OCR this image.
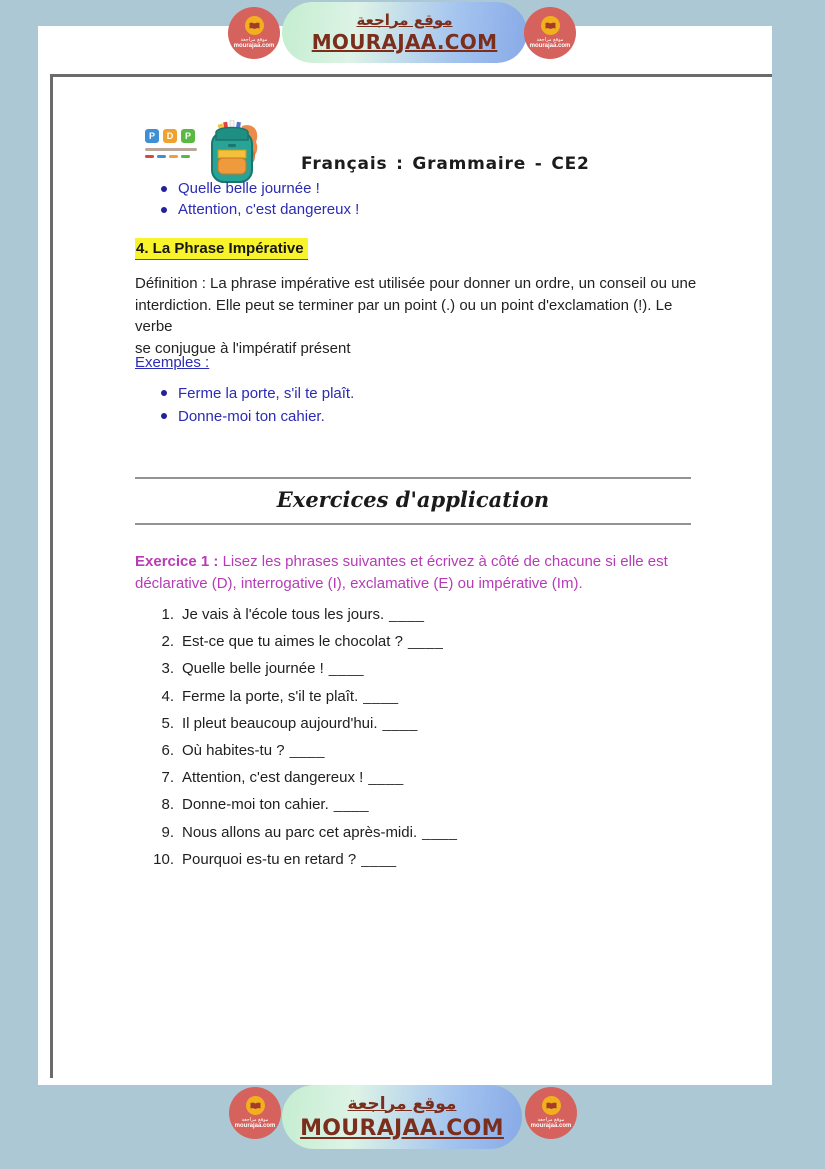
P	D	P
Français : Grammaire - CE2
Quelle belle journée !
Attention, c'est dangereux !
4. La Phrase Impérative
Définition : La phrase impérative est utilisée pour donner un ordre, un conseil ou une
interdiction. Elle peut se terminer par un point (.) ou un point d'exclamation (!). Le verbe
se conjugue à l'impératif présent
Exemples :
Ferme la porte, s'il te plaît.
Donne-moi ton cahier.
Exercices d'application
Exercice 1 : Lisez les phrases suivantes et écrivez à côté de chacune si elle est
déclarative (D), interrogative (I), exclamative (E) ou impérative (Im).
1. Je vais à l'école tous les jours. ____
2. Est-ce que tu aimes le chocolat ? ____
3. Quelle belle journée ! ____
4. Ferme la porte, s'il te plaît. ____
5. Il pleut beaucoup aujourd'hui. ____
6. Où habites-tu ? ____
7. Attention, c'est dangereux ! ____
8. Donne-moi ton cahier. ____
9. Nous allons au parc cet après-midi. ____
10. Pourquoi es-tu en retard ? ____
موقع مراجعة
MOURAJAA.COM
موقع مراجعة
mourajaa.com
موقع مراجعة
mourajaa.com
موقع مراجعة
MOURAJAA.COM
موقع مراجعة
mourajaa.com
موقع مراجعة
mourajaa.com
